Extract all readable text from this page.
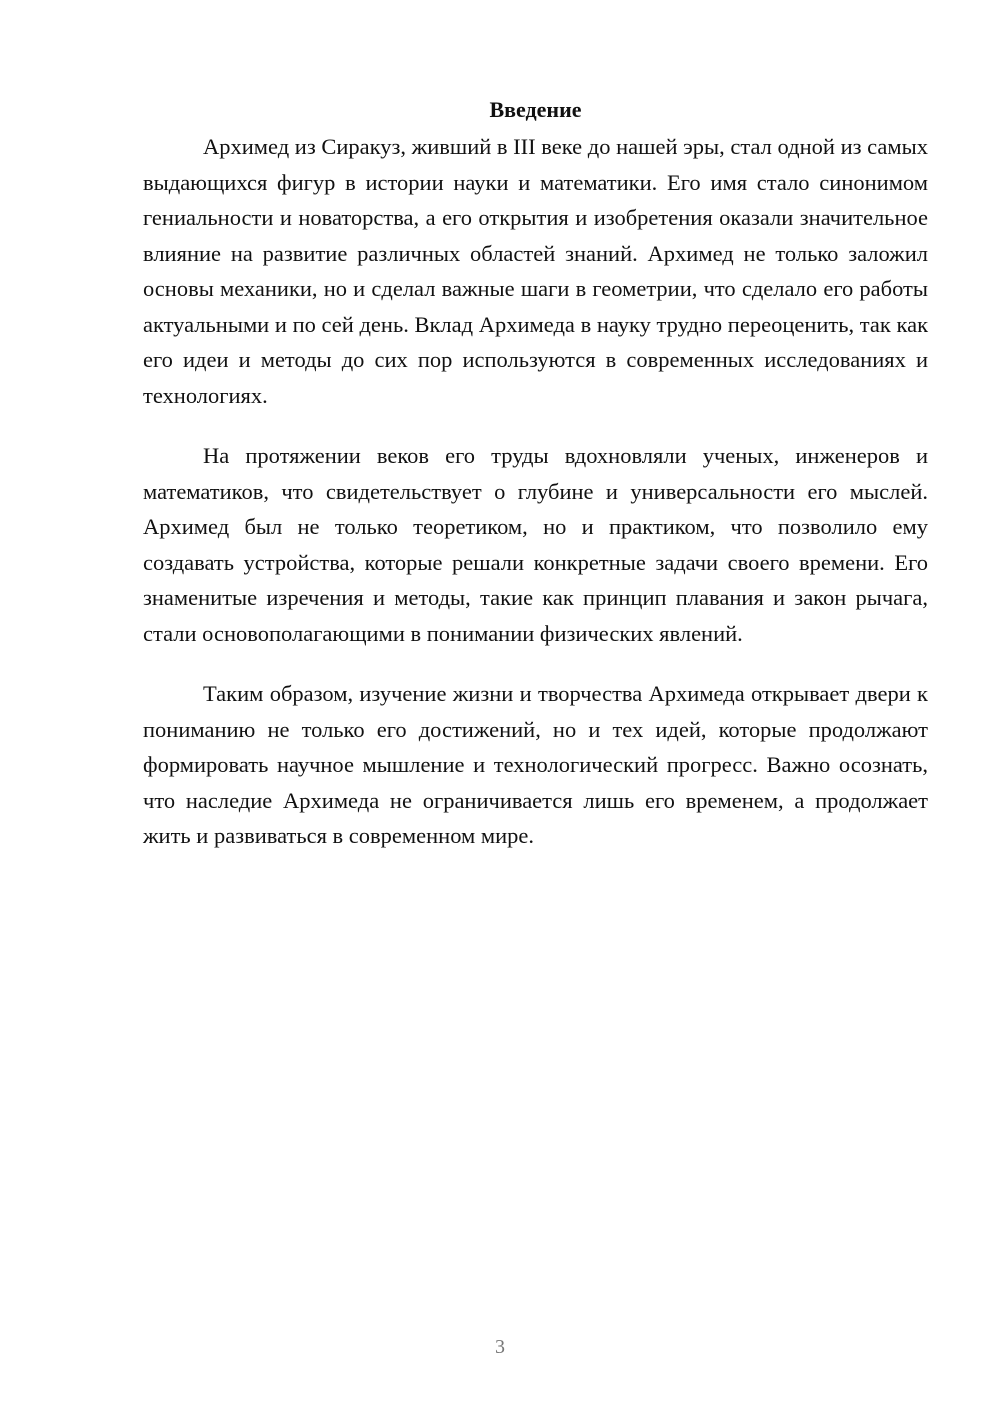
Введение

Архимед из Сиракуз, живший в III веке до нашей эры, стал одной из самых выдающихся фигур в истории науки и математики. Его имя стало синонимом гениальности и новаторства, а его открытия и изобретения оказали значительное влияние на развитие различных областей знаний. Архимед не только заложил основы механики, но и сделал важные шаги в геометрии, что сделало его работы актуальными и по сей день. Вклад Архимеда в науку трудно переоценить, так как его идеи и методы до сих пор используются в современных исследованиях и технологиях.

На протяжении веков его труды вдохновляли ученых, инженеров и математиков, что свидетельствует о глубине и универсальности его мыслей. Архимед был не только теоретиком, но и практиком, что позволило ему создавать устройства, которые решали конкретные задачи своего времени. Его знаменитые изречения и методы, такие как принцип плавания и закон рычага, стали основополагающими в понимании физических явлений.

Таким образом, изучение жизни и творчества Архимеда открывает двери к пониманию не только его достижений, но и тех идей, которые продолжают формировать научное мышление и технологический прогресс. Важно осознать, что наследие Архимеда не ограничивается лишь его временем, а продолжает жить и развиваться в современном мире.

3
